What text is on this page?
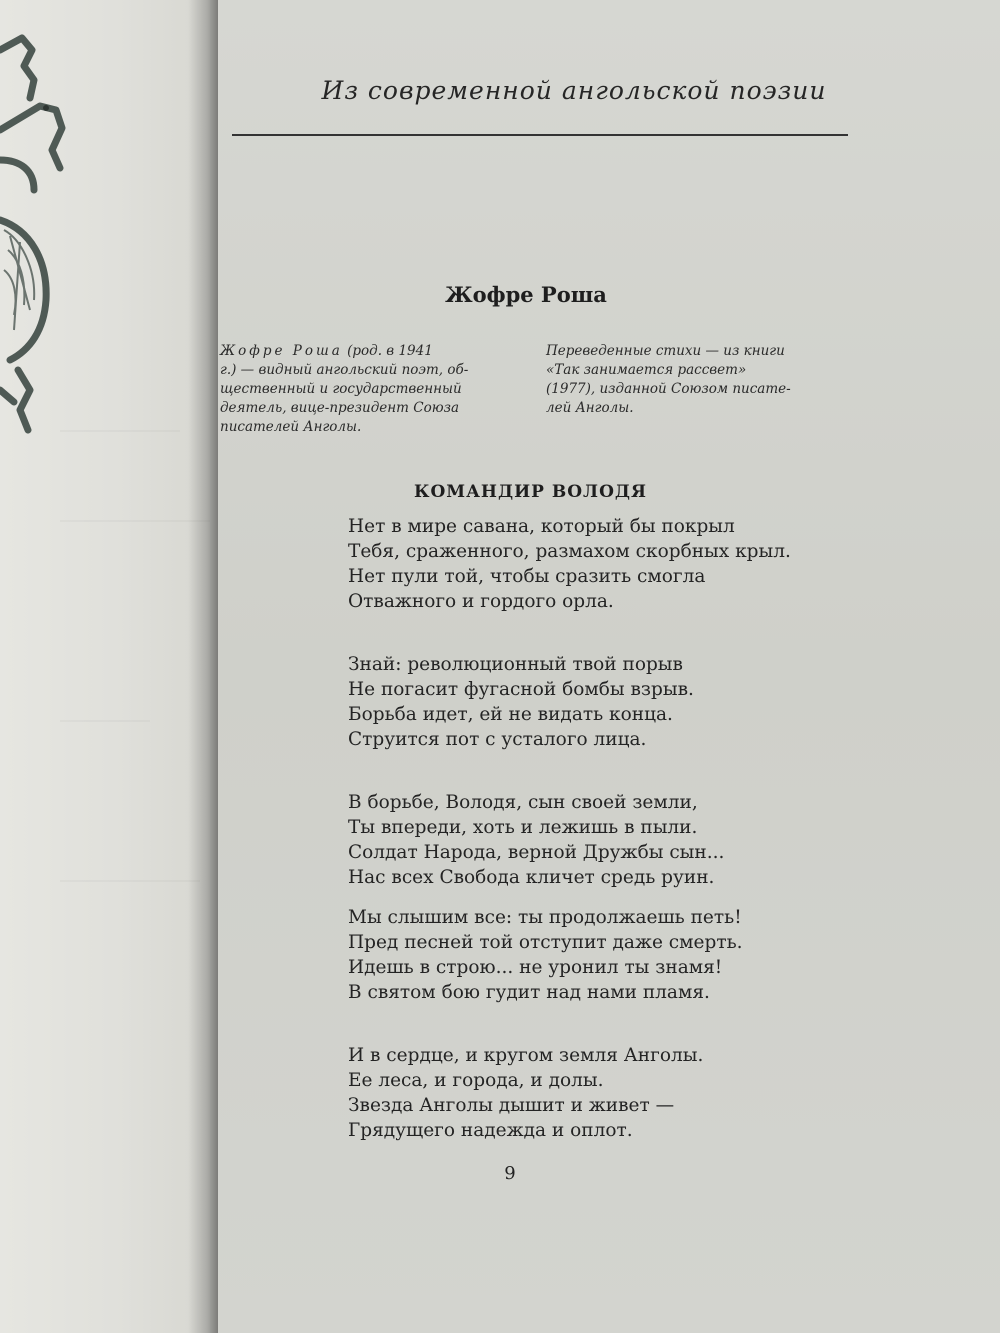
Из современной ангольской поэзии
Жофре Роша
Жофре Роша (род. в 1941
г.) — видный ангольский поэт, об-
щественный и государственный
деятель, вице-президент Союза
писателей Анголы.
Переведенные стихи — из книги
«Так занимается рассвет»
(1977), изданной Союзом писате-
лей Анголы.
КОМАНДИР ВОЛОДЯ
Нет в мире савана, который бы покрыл
Тебя, сраженного, размахом скорбных крыл.
Нет пули той, чтобы сразить смогла
Отважного и гордого орла.
Знай: революционный твой порыв
Не погасит фугасной бомбы взрыв.
Борьба идет, ей не видать конца.
Струится пот с усталого лица.
В борьбе, Володя, сын своей земли,
Ты впереди, хоть и лежишь в пыли.
Солдат Народа, верной Дружбы сын...
Нас всех Свобода кличет средь руин.
Мы слышим все: ты продолжаешь петь!
Пред песней той отступит даже смерть.
Идешь в строю... не уронил ты знамя!
В святом бою гудит над нами пламя.
И в сердце, и кругом земля Анголы.
Ее леса, и города, и долы.
Звезда Анголы дышит и живет —
Грядущего надежда и оплот.
9
